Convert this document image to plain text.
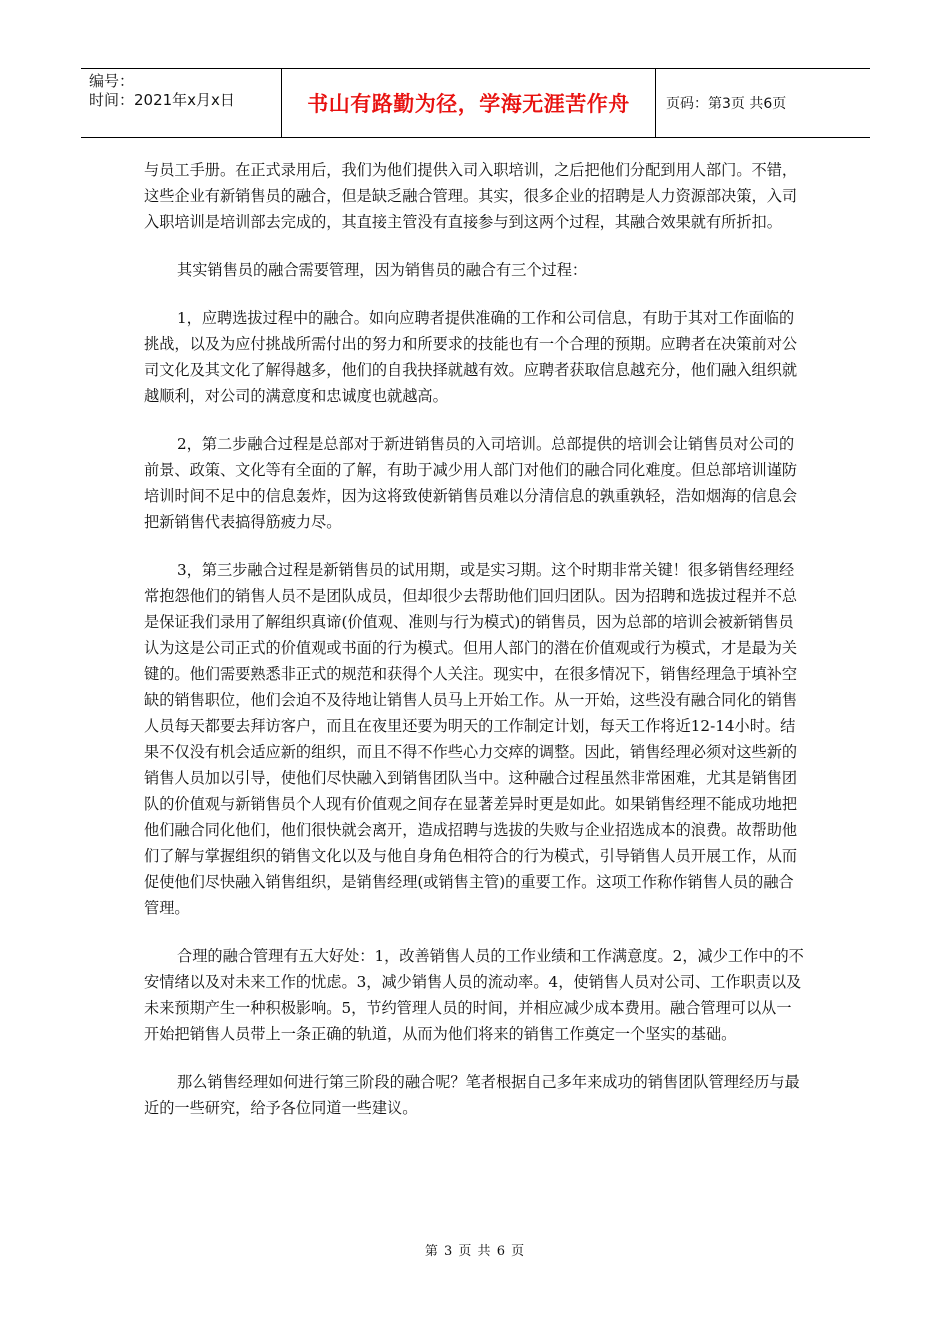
编号：
时间：2021年x月x日	书山有路勤为径，学海无涯苦作舟	页码：第3页 共6页

与员工手册。在正式录用后，我们为他们提供入司入职培训，之后把他们分配到用人部门。不错，这些企业有新销售员的融合，但是缺乏融合管理。其实，很多企业的招聘是人力资源部决策，入司入职培训是培训部去完成的，其直接主管没有直接参与到这两个过程，其融合效果就有所折扣。

其实销售员的融合需要管理，因为销售员的融合有三个过程：

1，应聘选拔过程中的融合。如向应聘者提供准确的工作和公司信息，有助于其对工作面临的挑战，以及为应付挑战所需付出的努力和所要求的技能也有一个合理的预期。应聘者在决策前对公司文化及其文化了解得越多，他们的自我抉择就越有效。应聘者获取信息越充分，他们融入组织就越顺利，对公司的满意度和忠诚度也就越高。

2，第二步融合过程是总部对于新进销售员的入司培训。总部提供的培训会让销售员对公司的前景、政策、文化等有全面的了解，有助于减少用人部门对他们的融合同化难度。但总部培训谨防培训时间不足中的信息轰炸，因为这将致使新销售员难以分清信息的孰重孰轻，浩如烟海的信息会把新销售代表搞得筋疲力尽。

3，第三步融合过程是新销售员的试用期，或是实习期。这个时期非常关键！很多销售经理经常抱怨他们的销售人员不是团队成员，但却很少去帮助他们回归团队。因为招聘和选拔过程并不总是保证我们录用了解组织真谛(价值观、准则与行为模式)的销售员，因为总部的培训会被新销售员认为这是公司正式的价值观或书面的行为模式。但用人部门的潜在价值观或行为模式，才是最为关键的。他们需要熟悉非正式的规范和获得个人关注。现实中，在很多情况下，销售经理急于填补空缺的销售职位，他们会迫不及待地让销售人员马上开始工作。从一开始，这些没有融合同化的销售人员每天都要去拜访客户，而且在夜里还要为明天的工作制定计划，每天工作将近12-14小时。结果不仅没有机会适应新的组织，而且不得不作些心力交瘁的调整。因此，销售经理必须对这些新的销售人员加以引导，使他们尽快融入到销售团队当中。这种融合过程虽然非常困难，尤其是销售团队的价值观与新销售员个人现有价值观之间存在显著差异时更是如此。如果销售经理不能成功地把他们融合同化他们，他们很快就会离开，造成招聘与选拔的失败与企业招选成本的浪费。故帮助他们了解与掌握组织的销售文化以及与他自身角色相符合的行为模式，引导销售人员开展工作，从而促使他们尽快融入销售组织，是销售经理(或销售主管)的重要工作。这项工作称作销售人员的融合管理。

合理的融合管理有五大好处：1，改善销售人员的工作业绩和工作满意度。2，减少工作中的不安情绪以及对未来工作的忧虑。3，减少销售人员的流动率。4，使销售人员对公司、工作职责以及未来预期产生一种积极影响。5，节约管理人员的时间，并相应减少成本费用。融合管理可以从一开始把销售人员带上一条正确的轨道，从而为他们将来的销售工作奠定一个坚实的基础。

那么销售经理如何进行第三阶段的融合呢？笔者根据自己多年来成功的销售团队管理经历与最近的一些研究，给予各位同道一些建议。

第 3 页 共 6 页
